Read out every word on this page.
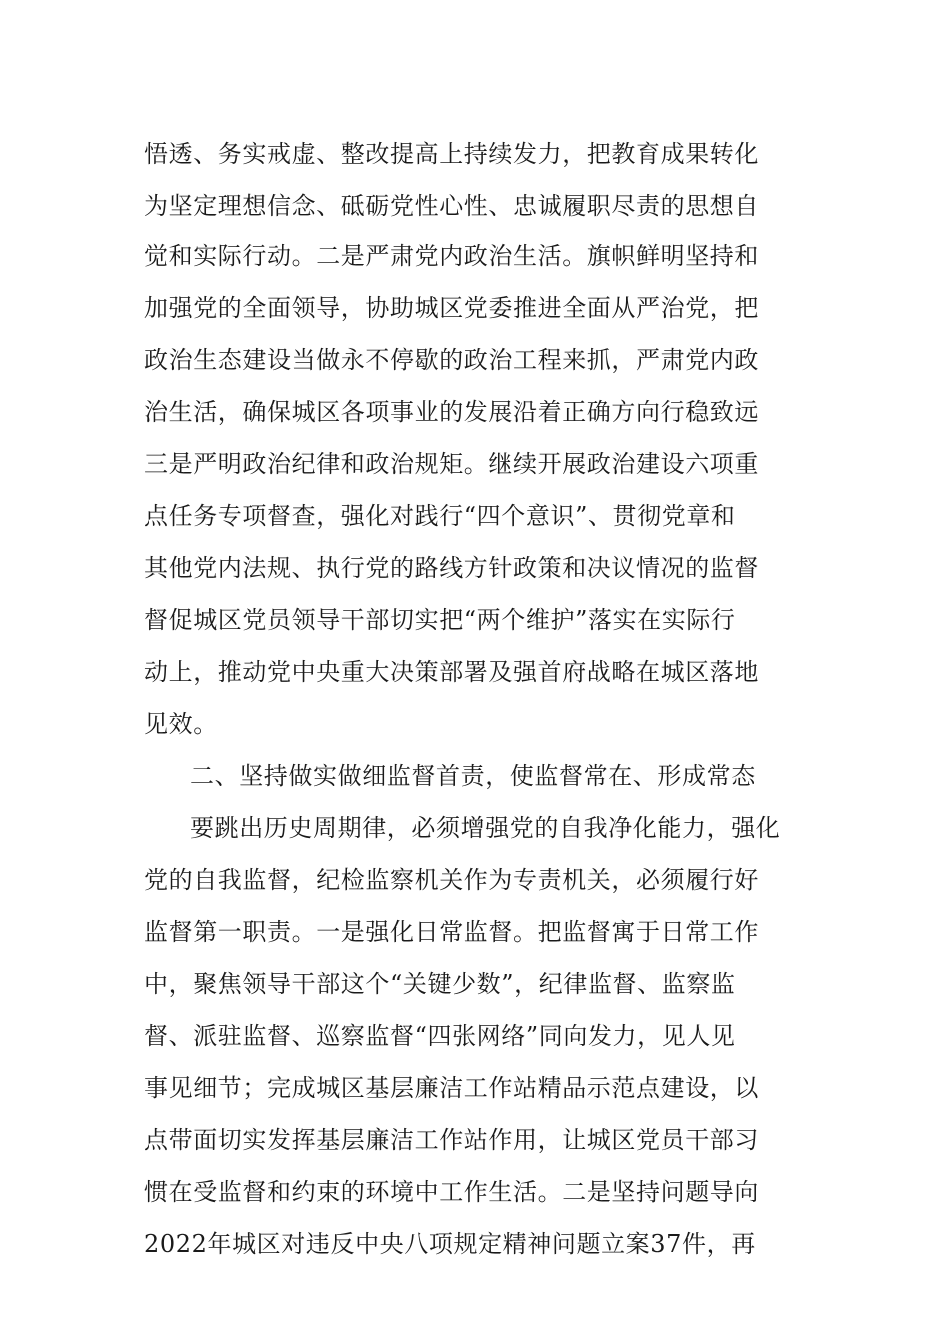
悟透、务实戒虚、整改提高上持续发力，把教育成果转化
为坚定理想信念、砥砺党性心性、忠诚履职尽责的思想自
觉和实际行动。二是严肃党内政治生活。旗帜鲜明坚持和
加强党的全面领导，协助城区党委推进全面从严治党，把
政治生态建设当做永不停歇的政治工程来抓，严肃党内政
治生活，确保城区各项事业的发展沿着正确方向行稳致远
三是严明政治纪律和政治规矩。继续开展政治建设六项重
点任务专项督查，强化对践行“四个意识”、贯彻党章和
其他党内法规、执行党的路线方针政策和决议情况的监督
督促城区党员领导干部切实把“两个维护”落实在实际行
动上，推动党中央重大决策部署及强首府战略在城区落地
见效。
二、坚持做实做细监督首责，使监督常在、形成常态
要跳出历史周期律，必须增强党的自我净化能力，强化
党的自我监督，纪检监察机关作为专责机关，必须履行好
监督第一职责。一是强化日常监督。把监督寓于日常工作
中，聚焦领导干部这个“关键少数”，纪律监督、监察监
督、派驻监督、巡察监督“四张网络”同向发力，见人见
事见细节；完成城区基层廉洁工作站精品示范点建设，以
点带面切实发挥基层廉洁工作站作用，让城区党员干部习
惯在受监督和约束的环境中工作生活。二是坚持问题导向
2022年城区对违反中央八项规定精神问题立案37件，再
